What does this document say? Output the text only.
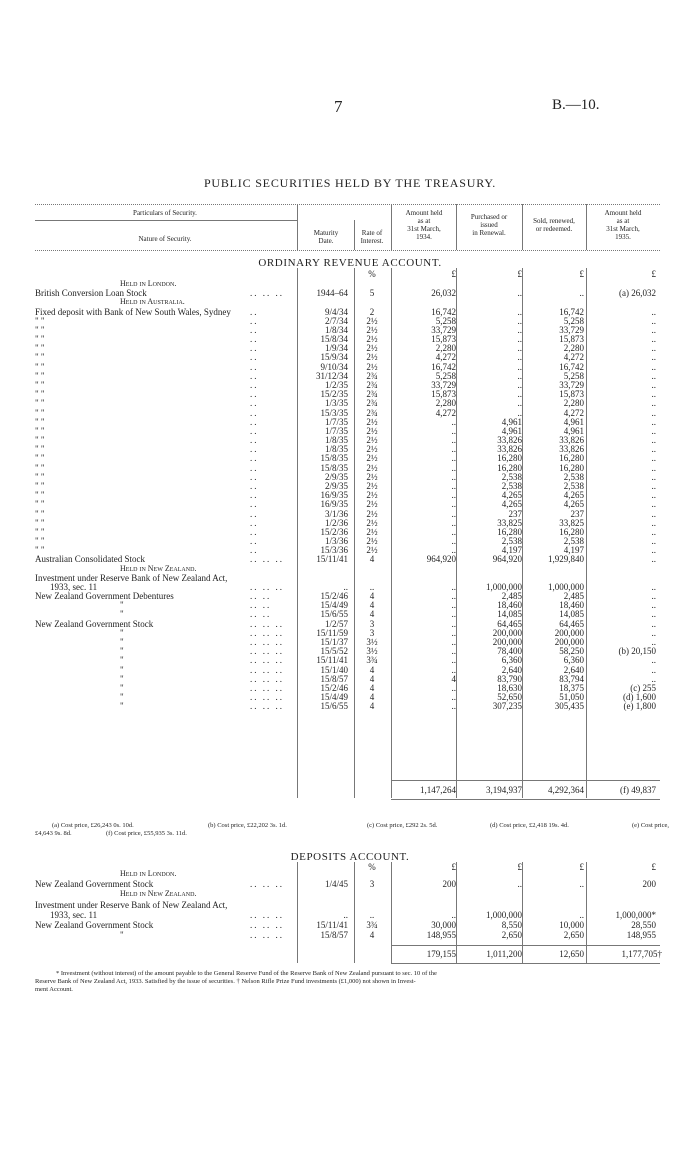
7	B.—10.
PUBLIC SECURITIES HELD BY THE TREASURY.
Particulars of Security.
Nature of Security.
Maturity
Date.
Rate of
Interest.
Amount held
as at
31st March,
1934.
Purchased or
issued
in Renewal.
Sold, renewed,
or redeemed.
Amount held
as at
31st March,
1935.
ORDINARY REVENUE ACCOUNT.
%	£	£	£	£
Held in London.
British Conversion Loan Stock	.. .. ..	1944–64	5	26,032	..	..	(a) 26,032
Held in Australia.
Fixed deposit with Bank of New South Wales, Sydney ..	9/4/34	2	16,742	..	16,742	..
" "	..	2/7/34	2½	5,258	..	5,258	..
" "	..	1/8/34	2½	33,729	..	33,729	..
" "	..	15/8/34	2½	15,873	..	15,873	..
" "	..	1/9/34	2½	2,280	..	2,280	..
" "	..	15/9/34	2½	4,272	..	4,272	..
" "	..	9/10/34	2½	16,742	..	16,742	..
" "	..	31/12/34	2¾	5,258	..	5,258	..
" "	..	1/2/35	2¾	33,729	..	33,729	..
" "	..	15/2/35	2¾	15,873	..	15,873	..
" "	..	1/3/35	2¾	2,280	..	2,280	..
" "	..	15/3/35	2¾	4,272	..	4,272	..
" "	..	1/7/35	2½	..	4,961	4,961	..
" "	..	1/7/35	2½	..	4,961	4,961	..
" "	..	1/8/35	2½	..	33,826	33,826	..
" "	..	1/8/35	2½	..	33,826	33,826	..
" "	..	15/8/35	2½	..	16,280	16,280	..
" "	..	15/8/35	2½	..	16,280	16,280	..
" "	..	2/9/35	2½	..	2,538	2,538	..
" "	..	2/9/35	2½	..	2,538	2,538	..
" "	..	16/9/35	2½	..	4,265	4,265	..
" "	..	16/9/35	2½	..	4,265	4,265	..
" "	..	3/1/36	2½	..	237	237	..
" "	..	1/2/36	2½	..	33,825	33,825	..
" "	..	15/2/36	2½	..	16,280	16,280	..
" "	..	1/3/36	2½	..	2,538	2,538	..
" "	..	15/3/36	2½	..	4,197	4,197	..
Australian Consolidated Stock	.. .. ..	15/11/41	4	964,920	964,920	1,929,840	..
Held in New Zealand.
Investment under Reserve Bank of New Zealand Act,
1933, sec. 11	.. .. ..	..	..	..	1,000,000	1,000,000	..
New Zealand Government Debentures	.. ..	15/2/46	4	..	2,485	2,485	..
"	.. ..	15/4/49	4	..	18,460	18,460	..
"	.. ..	15/6/55	4	..	14,085	14,085	..
New Zealand Government Stock	.. .. ..	1/2/57	3	..	64,465	64,465	..
"	.. .. ..	15/11/59	3	..	200,000	200,000	..
"	.. .. ..	15/1/37	3½	..	200,000	200,000	..
"	.. .. ..	15/5/52	3½	..	78,400	58,250	(b) 20,150
"	.. .. ..	15/11/41	3¾	..	6,360	6,360	..
"	.. .. ..	15/1/40	4	..	2,640	2,640	..
"	.. .. ..	15/8/57	4	4	83,790	83,794	..
"	.. .. ..	15/2/46	4	..	18,630	18,375	(c) 255
"	.. .. ..	15/4/49	4	..	52,650	51,050	(d) 1,600
"	.. .. ..	15/6/55	4	..	307,235	305,435	(e) 1,800
1,147,264	3,194,937	4,292,364	(f) 49,837
(a) Cost price, £26,243 0s. 10d.	(b) Cost price, £22,202 3s. 1d.	(c) Cost price, £292 2s. 5d.	(d) Cost price, £2,418 19s. 4d.	(e) Cost price,
£4,643 9s. 8d.	(f) Cost price, £55,935 3s. 11d.
DEPOSITS ACCOUNT.
%	£	£	£	£
Held in London.
New Zealand Government Stock	.. .. ..	1/4/45	3	200	..	..	200
Held in New Zealand.
Investment under Reserve Bank of New Zealand Act,
1933, sec. 11	.. .. ..	..	..	..	1,000,000	..	1,000,000*
New Zealand Government Stock	.. .. ..	15/11/41	3¾	30,000	8,550	10,000	28,550
"	.. .. ..	15/8/57	4	148,955	2,650	2,650	148,955
179,155	1,011,200	12,650	1,177,705†
* Investment (without interest) of the amount payable to the General Reserve Fund of the Reserve Bank of New Zealand pursuant to sec. 10 of the
Reserve Bank of New Zealand Act, 1933. Satisfied by the issue of securities. † Nelson Rifle Prize Fund investments (£1,000) not shown in Invest-
ment Account.
